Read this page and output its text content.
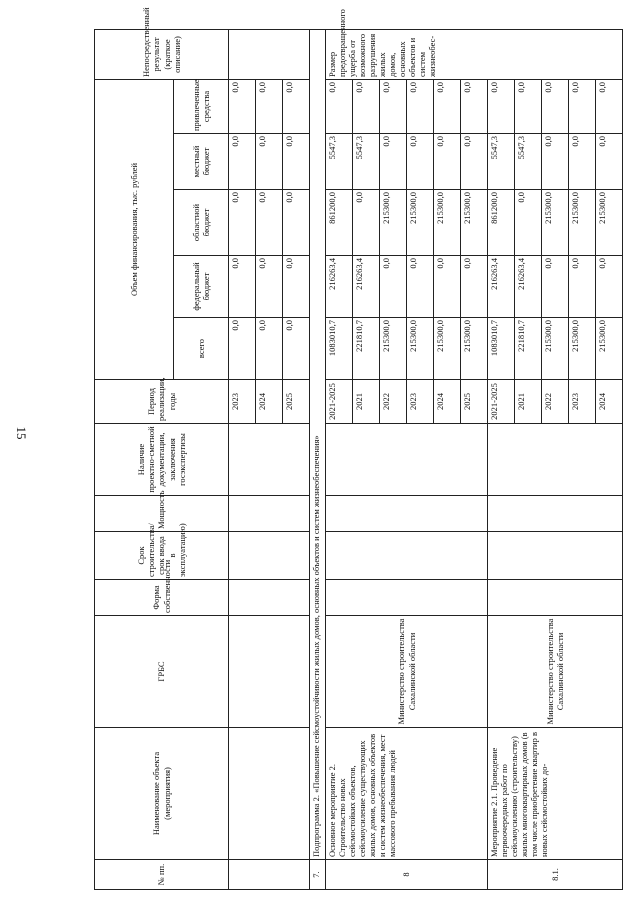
15
№ пп.	Наименование объекта (мероприятия)	ГРБС	Форма собственности	Срок строительства/срок ввода в эксплуатацию)	Мощность	Наличие проектно-сметной документации, заключения госэкспертизы	Период реализации, годы	Объем финансирования, тыс. рублей					Непосредственный результат (краткое описание)
								всего	федеральный бюджет	областной бюджет	местный бюджет	привлеченные средства	
							2023	0,0	0,0	0,0	0,0	0,0	
							2024	0,0	0,0	0,0	0,0	0,0	
							2025	0,0	0,0	0,0	0,0	0,0	
7.	Подпрограмма 2. «Повышение сейсмоустойчивости жилых домов, основных объектов и систем жизнеобеспечения»												
8	Основное мероприятие 2. Строительство новых сейсмостойких объектов, сейсмоусиление существующих жилых домов, основных объектов и систем жизнеобеспечения, мест массового пребывания людей	Министерство строительства Сахалинской области					2021-2025	1083010,7	216263,4	861200,0	5547,3	0,0	Размер предотвращенного ущерба от возможного разрушения жилых домов, основных объектов и систем жизнеобес-
							2021	221810,7	216263,4	0,0	5547,3	0,0	
							2022	215300,0	0,0	215300,0	0,0	0,0	
							2023	215300,0	0,0	215300,0	0,0	0,0	
							2024	215300,0	0,0	215300,0	0,0	0,0	
							2025	215300,0	0,0	215300,0	0,0	0,0	
8.1.	Мероприятие 2.1. Проведение первоочередных работ по сейсмоусилению (строительству) жилых многоквартирных домов (в том числе приобретение квартир в новых сейсмостойких до-	Министерство строительства Сахалинской области					2021-2025	1083010,7	216263,4	861200,0	5547,3	0,0	
							2021	221810,7	216263,4	0,0	5547,3	0,0	
							2022	215300,0	0,0	215300,0	0,0	0,0	
							2023	215300,0	0,0	215300,0	0,0	0,0	
							2024	215300,0	0,0	215300,0	0,0	0,0	
